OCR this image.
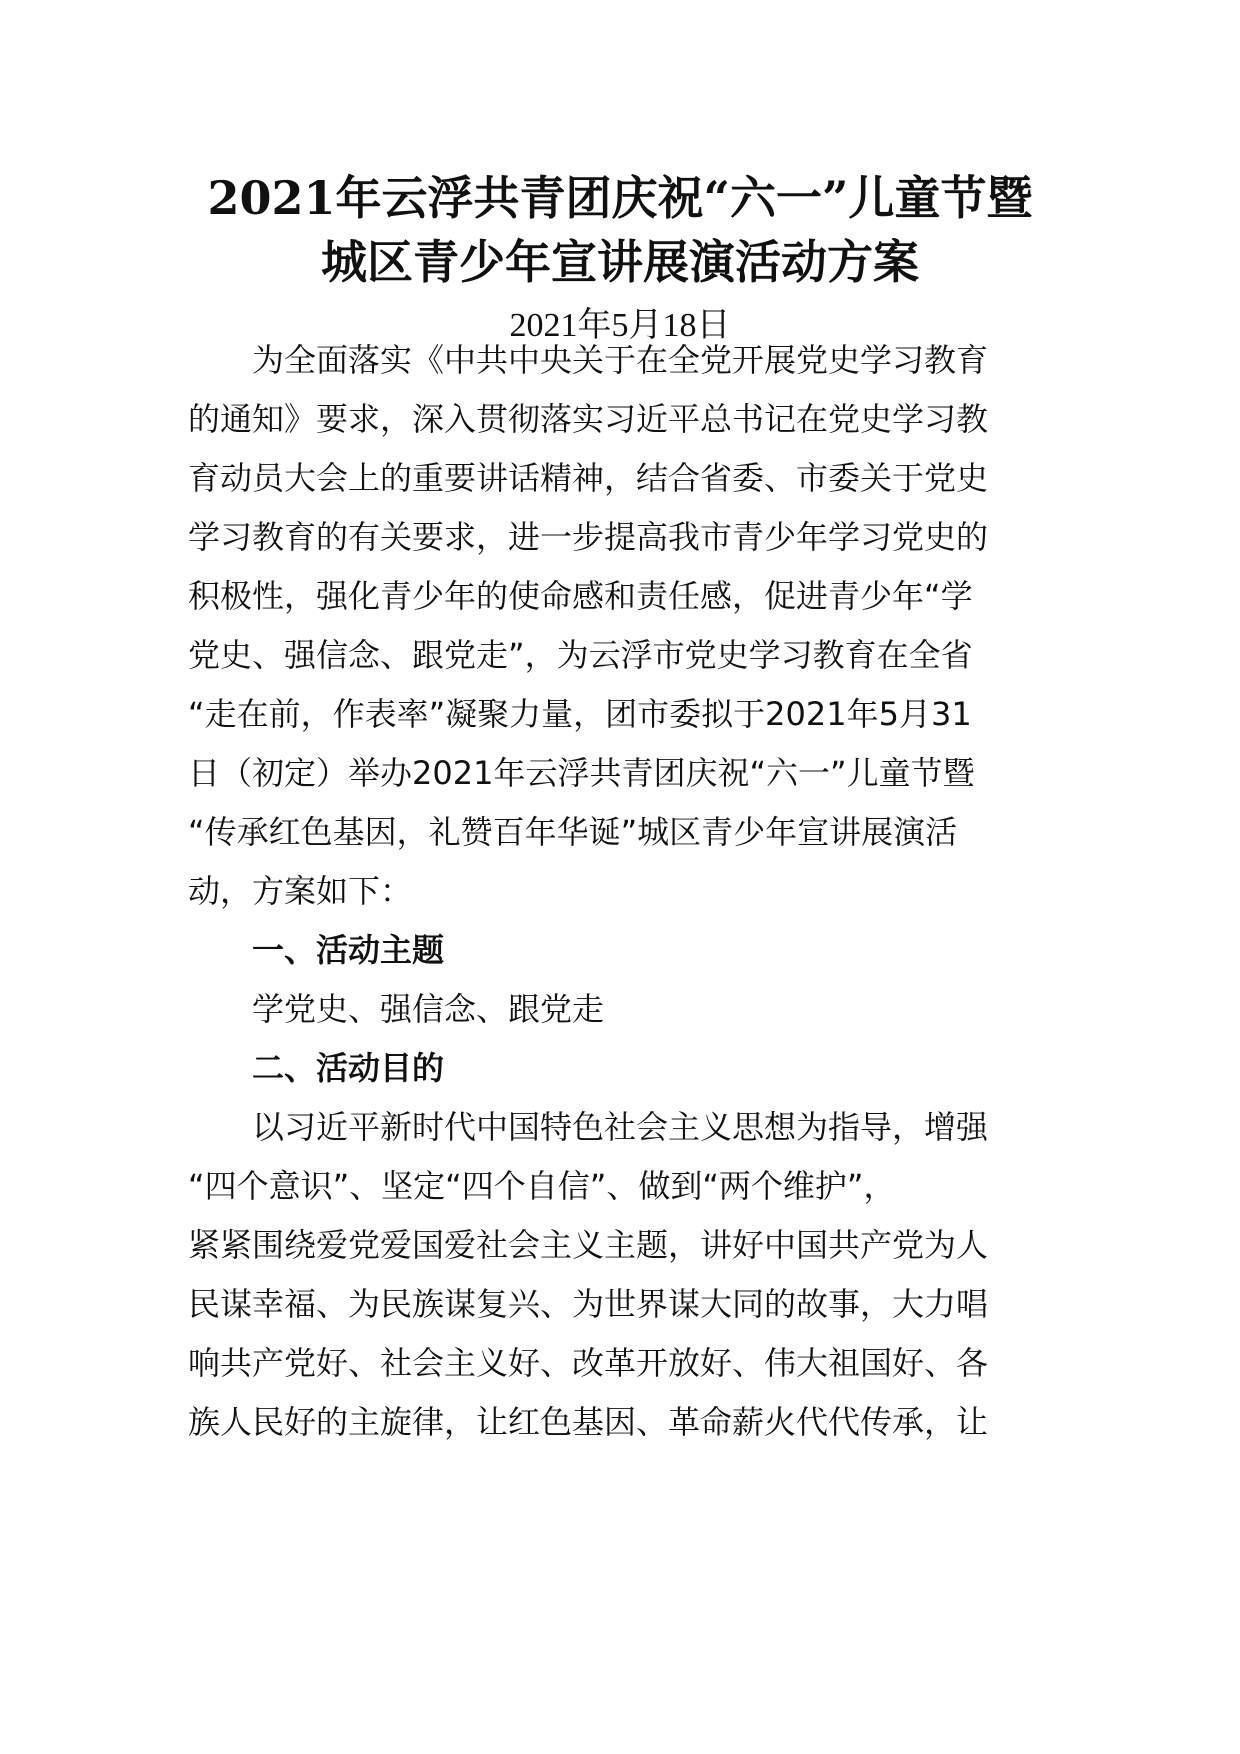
2021年云浮共青团庆祝“六一”儿童节暨
城区青少年宣讲展演活动方案
2021年5月18日
为全面落实《中共中央关于在全党开展党史学习教育
的通知》要求，深入贯彻落实习近平总书记在党史学习教
育动员大会上的重要讲话精神，结合省委、市委关于党史
学习教育的有关要求，进一步提高我市青少年学习党史的
积极性，强化青少年的使命感和责任感，促进青少年“学
党史、强信念、跟党走”，为云浮市党史学习教育在全省
“走在前，作表率”凝聚力量，团市委拟于2021年5月31
日（初定）举办2021年云浮共青团庆祝“六一”儿童节暨
“传承红色基因，礼赞百年华诞”城区青少年宣讲展演活
动，方案如下：
一、活动主题
学党史、强信念、跟党走
二、活动目的
以习近平新时代中国特色社会主义思想为指导，增强
“四个意识”、坚定“四个自信”、做到“两个维护”，
紧紧围绕爱党爱国爱社会主义主题，讲好中国共产党为人
民谋幸福、为民族谋复兴、为世界谋大同的故事，大力唱
响共产党好、社会主义好、改革开放好、伟大祖国好、各
族人民好的主旋律，让红色基因、革命薪火代代传承，让
